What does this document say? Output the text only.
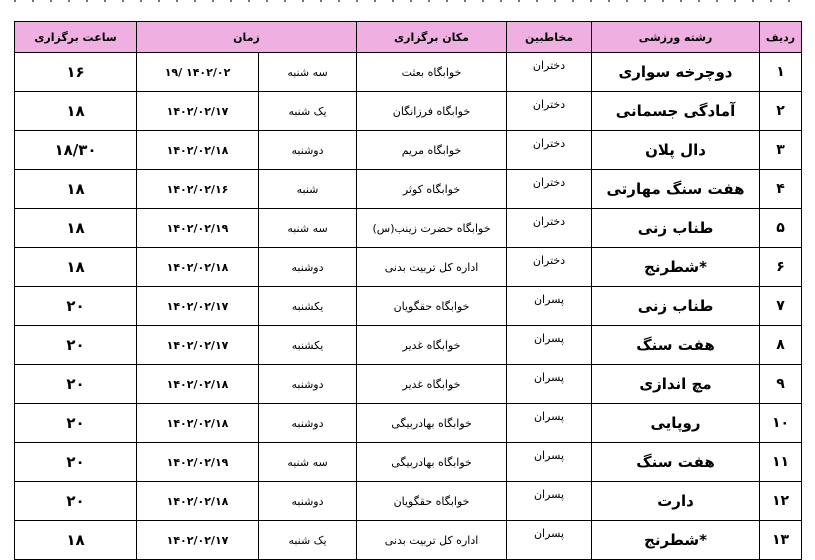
ردیف	رشته ورزشی	مخاطبین	مکان برگزاری	زمان		ساعت برگزاری
۱	دوچرخه سواری	دختران	خوابگاه بعثت	سه شنبه	۱۹/ ۱۴۰۲/۰۲	۱۶
۲	آمادگی جسمانی	دختران	خوابگاه فرزانگان	یک شنبه	۱۴۰۲/۰۲/۱۷	۱۸
۳	دال پلان	دختران	خوابگاه مریم	دوشنبه	۱۴۰۲/۰۲/۱۸	۱۸/۳۰
۴	هفت سنگ مهارتی	دختران	خوابگاه کوثر	شنبه	۱۴۰۲/۰۲/۱۶	۱۸
۵	طناب زنی	دختران	خوابگاه حضرت زینب(س)	سه شنبه	۱۴۰۲/۰۲/۱۹	۱۸
۶	*شطرنج	دختران	اداره کل تربیت بدنی	دوشنبه	۱۴۰۲/۰۲/۱۸	۱۸
۷	طناب زنی	پسران	خوابگاه حقگویان	یکشنبه	۱۴۰۲/۰۲/۱۷	۲۰
۸	هفت سنگ	پسران	خوابگاه غدیر	یکشنبه	۱۴۰۲/۰۲/۱۷	۲۰
۹	مچ اندازی	پسران	خوابگاه غدیر	دوشنبه	۱۴۰۲/۰۲/۱۸	۲۰
۱۰	روپایی	پسران	خوابگاه بهادربیگی	دوشنبه	۱۴۰۲/۰۲/۱۸	۲۰
۱۱	هفت سنگ	پسران	خوابگاه بهادربیگی	سه شنبه	۱۴۰۲/۰۲/۱۹	۲۰
۱۲	دارت	پسران	خوابگاه حقگویان	دوشنبه	۱۴۰۲/۰۲/۱۸	۲۰
۱۳	*شطرنج	پسران	اداره کل تربیت بدنی	یک شنبه	۱۴۰۲/۰۲/۱۷	۱۸
